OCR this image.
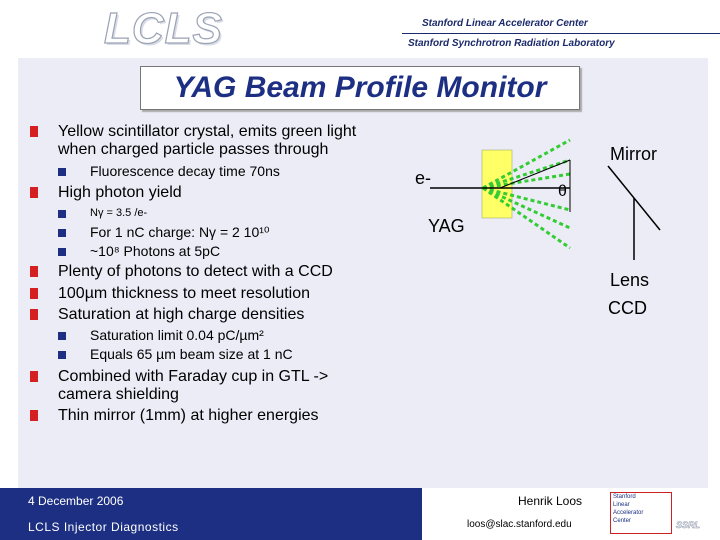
LCLS	Stanford Linear Accelerator Center
Stanford Synchrotron Radiation Laboratory
YAG Beam Profile Monitor
Yellow scintillator crystal, emits green light when charged particle passes through
Fluorescence decay time 70ns
High photon yield
Nγ = 3.5 /e-
For 1 nC charge: Nγ = 2 10¹⁰
~10⁸ Photons at 5pC
Plenty of photons to detect with a CCD
100µm thickness to meet resolution
Saturation at high charge densities
Saturation limit 0.04 pC/µm²
Equals 65 µm beam size at 1 nC
Combined with Faraday cup in GTL -> camera shielding
Thin mirror (1mm) at higher energies
e-
YAG
θ
Mirror
Lens
CCD
4 December 2006
LCLS Injector Diagnostics
Henrik Loos
loos@slac.stanford.edu
Stanford
Linear
Accelerator
Center	SSRL
